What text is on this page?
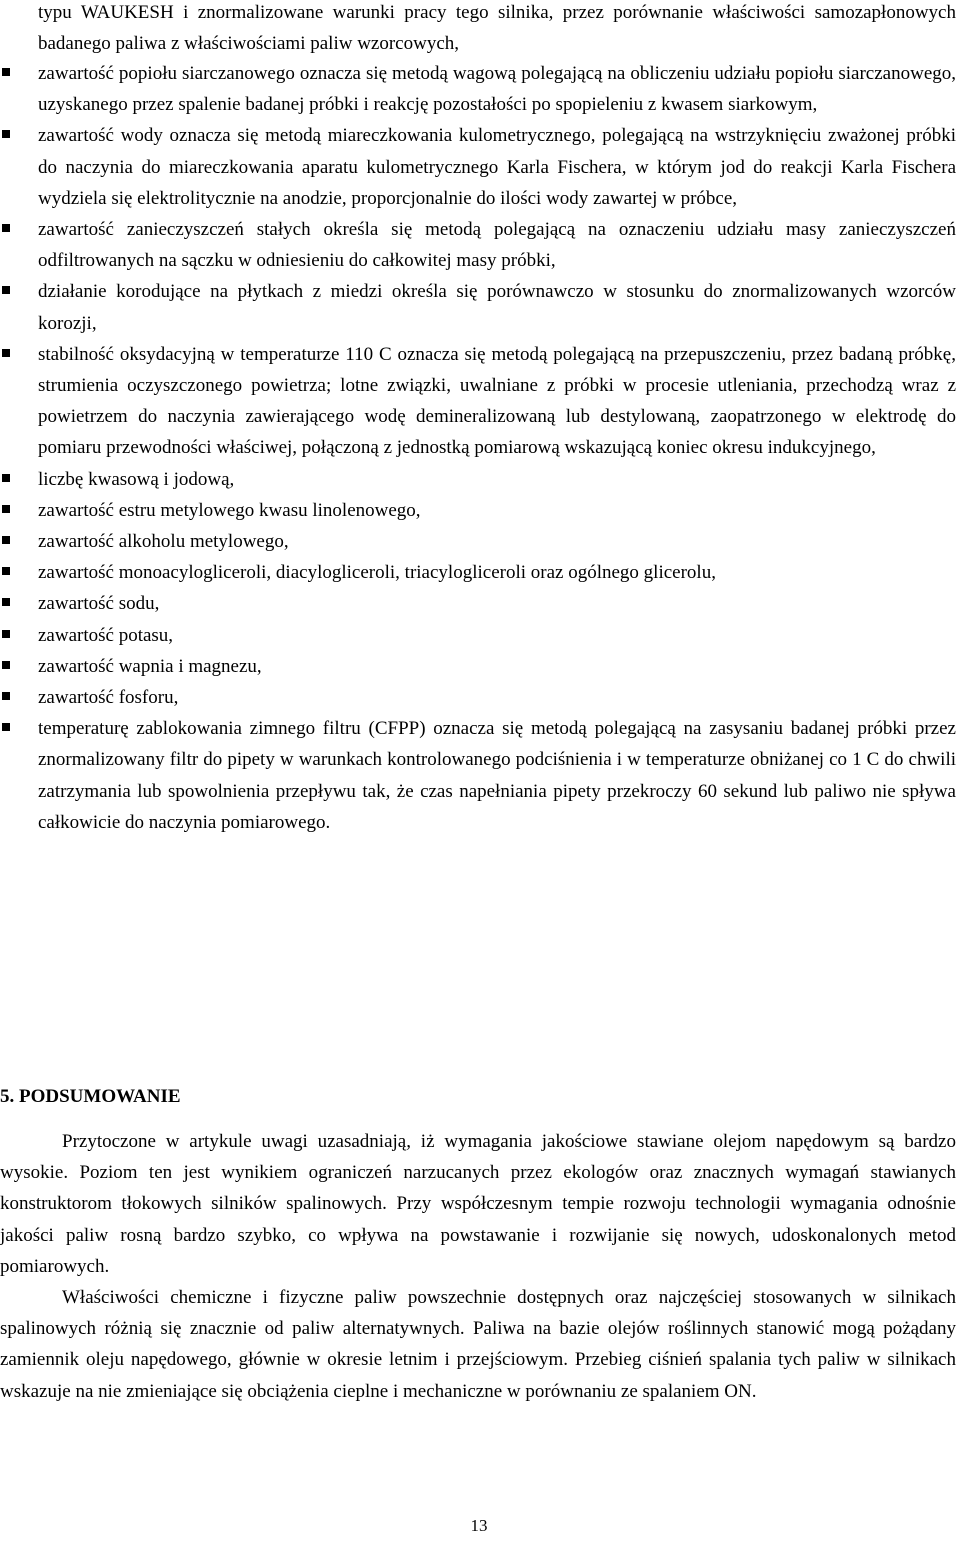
typu WAUKESH i znormalizowane warunki pracy tego silnika, przez porównanie właściwości samozapłonowych badanego paliwa z właściwościami paliw wzorcowych,

zawartość popiołu siarczanowego oznacza się metodą wagową polegającą na obliczeniu udziału popiołu siarczanowego, uzyskanego przez spalenie badanej próbki i reakcję pozostałości po spopieleniu z kwasem siarkowym,
zawartość wody oznacza się metodą miareczkowania kulometrycznego, polegającą na wstrzyknięciu zważonej próbki do naczynia do miareczkowania aparatu kulometrycznego Karla Fischera, w którym jod do reakcji Karla Fischera wydziela się elektrolitycznie na anodzie, proporcjonalnie do ilości wody zawartej w próbce,
zawartość zanieczyszczeń stałych określa się metodą polegającą na oznaczeniu udziału masy zanieczyszczeń odfiltrowanych na sączku w odniesieniu do całkowitej masy próbki,
działanie korodujące na płytkach z miedzi określa się porównawczo w stosunku do znormalizowanych wzorców korozji,
stabilność oksydacyjną w temperaturze 110 C oznacza się metodą polegającą na przepuszczeniu, przez badaną próbkę, strumienia oczyszczonego powietrza; lotne związki, uwalniane z próbki w procesie utleniania, przechodzą wraz z powietrzem do naczynia zawierającego wodę demineralizowaną lub destylowaną, zaopatrzonego w elektrodę do pomiaru przewodności właściwej, połączoną z jednostką pomiarową wskazującą koniec okresu indukcyjnego,
liczbę kwasową i jodową,
zawartość estru metylowego kwasu linolenowego,
zawartość alkoholu metylowego,
zawartość monoacylogliceroli, diacylogliceroli, triacylogliceroli oraz ogólnego glicerolu,
zawartość sodu,
zawartość potasu,
zawartość wapnia i magnezu,
zawartość fosforu,
temperaturę zablokowania zimnego filtru (CFPP) oznacza się metodą polegającą na zasysaniu badanej próbki przez znormalizowany filtr do pipety w warunkach kontrolowanego podciśnienia i w temperaturze obniżanej co 1 C do chwili zatrzymania lub spowolnienia przepływu tak, że czas napełniania pipety przekroczy 60 sekund lub paliwo nie spływa całkowicie do naczynia pomiarowego.
5. PODSUMOWANIE

Przytoczone w artykule uwagi uzasadniają, iż wymagania jakościowe stawiane olejom napędowym są bardzo wysokie. Poziom ten jest wynikiem ograniczeń narzucanych przez ekologów oraz znacznych wymagań stawianych konstruktorom tłokowych silników spalinowych. Przy współczesnym tempie rozwoju technologii wymagania odnośnie jakości paliw rosną bardzo szybko, co wpływa na powstawanie i rozwijanie się nowych, udoskonalonych metod pomiarowych.

Właściwości chemiczne i fizyczne paliw powszechnie dostępnych oraz najczęściej stosowanych w silnikach spalinowych różnią się znacznie od paliw alternatywnych. Paliwa na bazie olejów roślinnych stanowić mogą pożądany zamiennik oleju napędowego, głównie w okresie letnim i przejściowym. Przebieg ciśnień spalania tych paliw w silnikach wskazuje na nie zmieniające się obciążenia cieplne i mechaniczne w porównaniu ze spalaniem ON.

13
